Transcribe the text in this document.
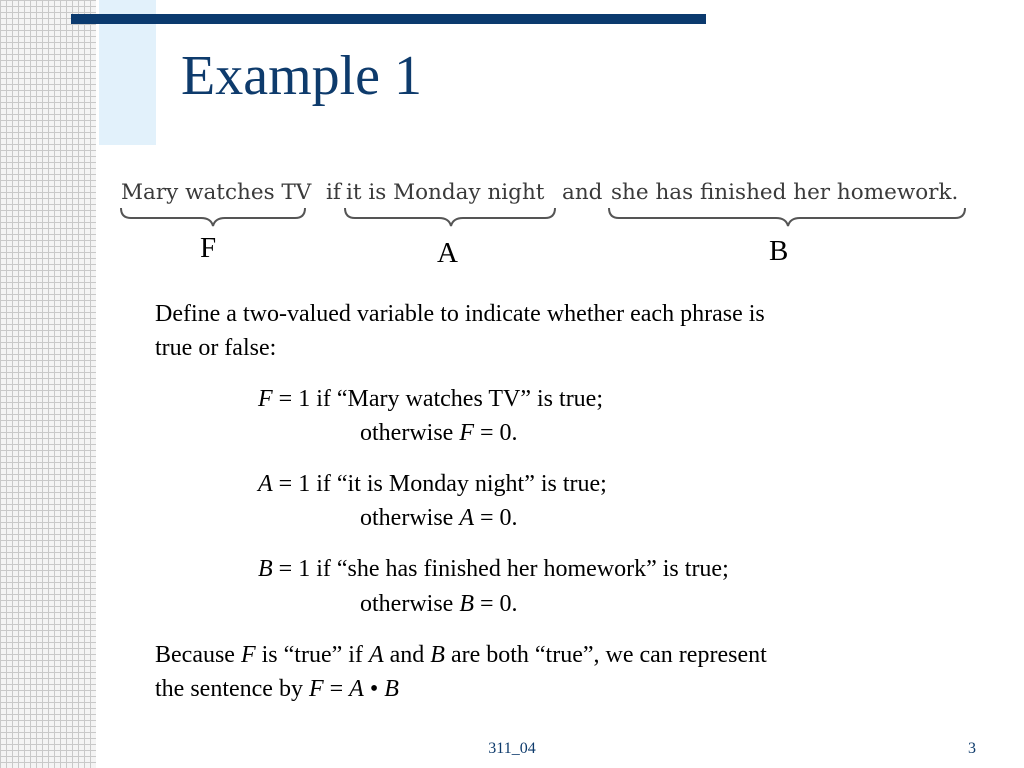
Example 1
Mary watches TV if it is Monday night and she has finished her homework.
F	A	B
Define a two-valued variable to indicate whether each phrase is
true or false:
F = 1 if “Mary watches TV” is true;
otherwise F = 0.
A = 1 if “it is Monday night” is true;
otherwise A = 0.
B = 1 if “she has finished her homework” is true;
otherwise B = 0.
Because F is “true” if A and B are both “true”, we can represent
the sentence by F = A • B
311_04	3
